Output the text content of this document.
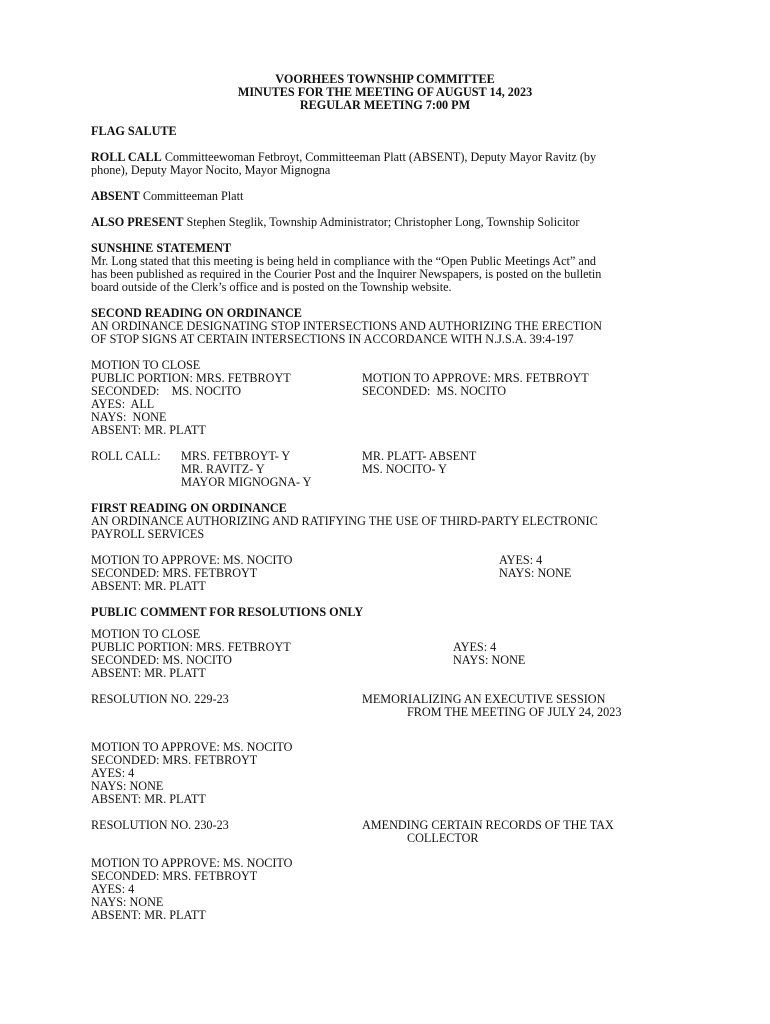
VOORHEES TOWNSHIP COMMITTEE
MINUTES FOR THE MEETING OF AUGUST 14, 2023
REGULAR MEETING 7:00 PM
FLAG SALUTE
ROLL CALL Committeewoman Fetbroyt, Committeeman Platt (ABSENT), Deputy Mayor Ravitz (by
phone), Deputy Mayor Nocito, Mayor Mignogna
ABSENT Committeeman Platt
ALSO PRESENT Stephen Steglik, Township Administrator; Christopher Long, Township Solicitor
SUNSHINE STATEMENT
Mr. Long stated that this meeting is being held in compliance with the “Open Public Meetings Act” and
has been published as required in the Courier Post and the Inquirer Newspapers, is posted on the bulletin
board outside of the Clerk’s office and is posted on the Township website.
SECOND READING ON ORDINANCE
AN ORDINANCE DESIGNATING STOP INTERSECTIONS AND AUTHORIZING THE ERECTION
OF STOP SIGNS AT CERTAIN INTERSECTIONS IN ACCORDANCE WITH N.J.S.A. 39:4-197
MOTION TO CLOSE
PUBLIC PORTION: MRS. FETBROYT
SECONDED:    MS. NOCITO
AYES:  ALL
NAYS:  NONE
ABSENT: MR. PLATT
MOTION TO APPROVE: MRS. FETBROYT
SECONDED:  MS. NOCITO
ROLL CALL:	MRS. FETBROYT- Y
MR. RAVITZ- Y
MAYOR MIGNOGNA- Y
MR. PLATT- ABSENT
MS. NOCITO- Y
FIRST READING ON ORDINANCE
AN ORDINANCE AUTHORIZING AND RATIFYING THE USE OF THIRD-PARTY ELECTRONIC
PAYROLL SERVICES
MOTION TO APPROVE: MS. NOCITO
SECONDED: MRS. FETBROYT
ABSENT: MR. PLATT
AYES: 4
NAYS: NONE
PUBLIC COMMENT FOR RESOLUTIONS ONLY
MOTION TO CLOSE
PUBLIC PORTION: MRS. FETBROYT
SECONDED: MS. NOCITO
ABSENT: MR. PLATT
AYES: 4
NAYS: NONE
RESOLUTION NO. 229-23	MEMORIALIZING AN EXECUTIVE SESSION
FROM THE MEETING OF JULY 24, 2023
MOTION TO APPROVE: MS. NOCITO
SECONDED: MRS. FETBROYT
AYES: 4
NAYS: NONE
ABSENT: MR. PLATT
RESOLUTION NO. 230-23	AMENDING CERTAIN RECORDS OF THE TAX
COLLECTOR
MOTION TO APPROVE: MS. NOCITO
SECONDED: MRS. FETBROYT
AYES: 4
NAYS: NONE
ABSENT: MR. PLATT
